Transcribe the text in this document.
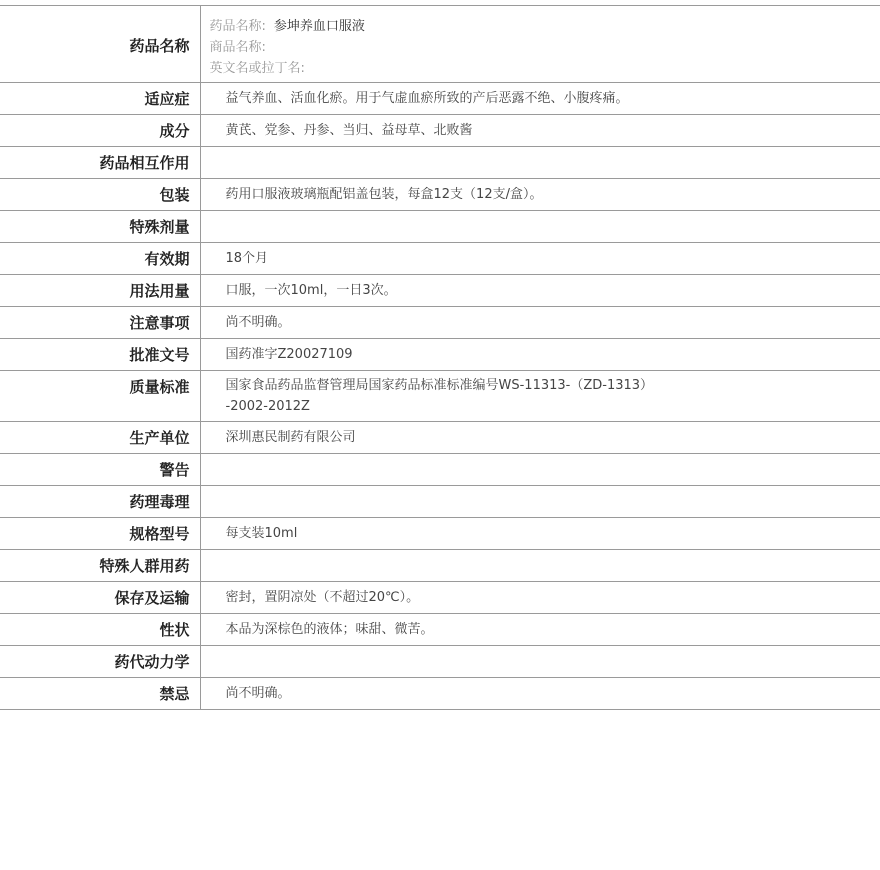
药品名称	药品名称: 参坤养血口服液
商品名称:
英文名或拉丁名:

适应症	益气养血、活血化瘀。用于气虚血瘀所致的产后恶露不绝、小腹疼痛。
成分	黄芪、党参、丹参、当归、益母草、北败酱
药品相互作用	
包装	药用口服液玻璃瓶配铝盖包装，每盒12支（12支/盒）。
特殊剂量	
有效期	18个月
用法用量	口服，一次10ml，一日3次。
注意事项	尚不明确。
批准文号	国药准字Z20027109
质量标准	国家食品药品监督管理局国家药品标准标准编号WS-11313-（ZD-1313）
-2002-2012Z

生产单位	深圳惠民制药有限公司
警告	
药理毒理	
规格型号	每支装10ml
特殊人群用药	
保存及运输	密封，置阴凉处（不超过20℃）。
性状	本品为深棕色的液体；味甜、微苦。
药代动力学	
禁忌	尚不明确。
